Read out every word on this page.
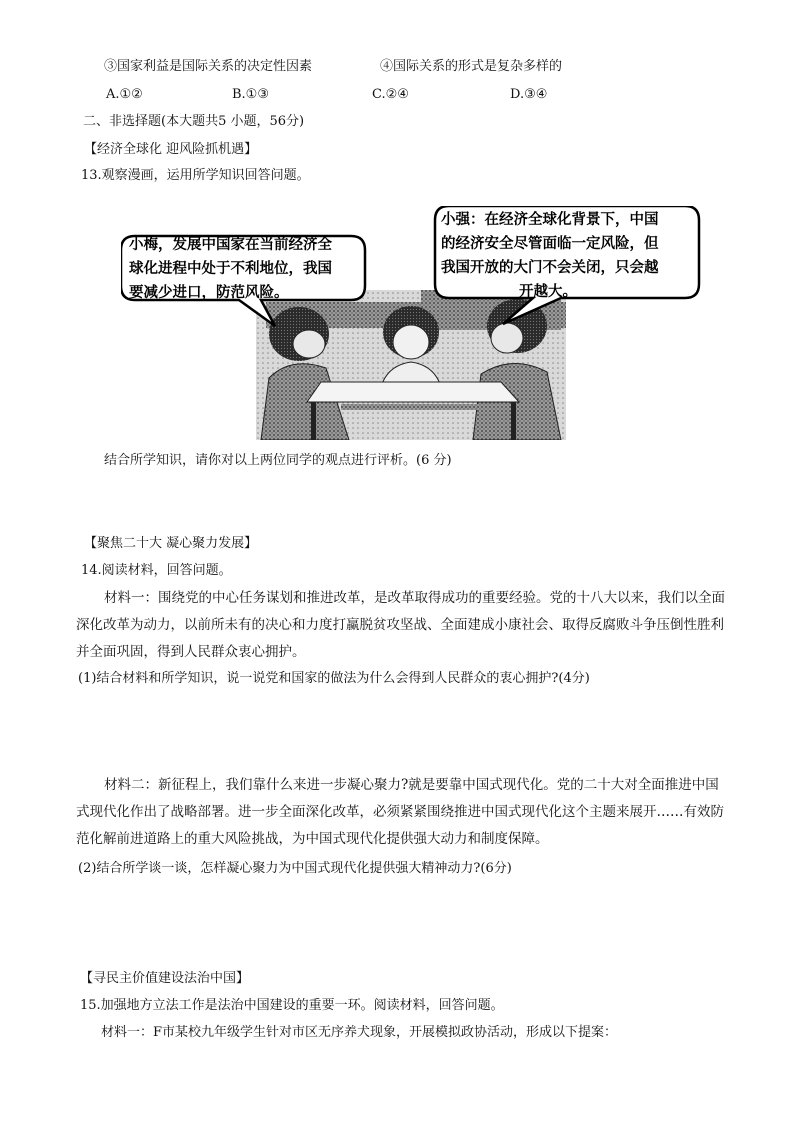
③国家利益是国际关系的决定性因素	④国际关系的形式是复杂多样的
A.①②	B.①③	C.②④	D.③④
二、非选择题(本大题共5 小题，56分)
【经济全球化 迎风险抓机遇】
13.观察漫画，运用所学知识回答问题。
小梅，发展中国家在当前经济全
球化进程中处于不利地位，我国
要减少进口，防范风险。
小强：在经济全球化背景下，中国
的经济安全尽管面临一定风险，但
我国开放的大门不会关闭，只会越
开越大。
结合所学知识，请你对以上两位同学的观点进行评析。(6 分)
【聚焦二十大 凝心聚力发展】
14.阅读材料，回答问题。
材料一：围绕党的中心任务谋划和推进改革，是改革取得成功的重要经验。党的十八大以来，我们以全面深化改革为动力，以前所未有的决心和力度打赢脱贫攻坚战、全面建成小康社会、取得反腐败斗争压倒性胜利并全面巩固，得到人民群众衷心拥护。
(1)结合材料和所学知识，说一说党和国家的做法为什么会得到人民群众的衷心拥护?(4分)
材料二：新征程上，我们靠什么来进一步凝心聚力?就是要靠中国式现代化。党的二十大对全面推进中国式现代化作出了战略部署。进一步全面深化改革，必须紧紧围绕推进中国式现代化这个主题来展开……有效防范化解前进道路上的重大风险挑战，为中国式现代化提供强大动力和制度保障。
(2)结合所学谈一谈，怎样凝心聚力为中国式现代化提供强大精神动力?(6分)
【寻民主价值建设法治中国】
15.加强地方立法工作是法治中国建设的重要一环。阅读材料，回答问题。
材料一：F市某校九年级学生针对市区无序养犬现象，开展模拟政协活动，形成以下提案：
